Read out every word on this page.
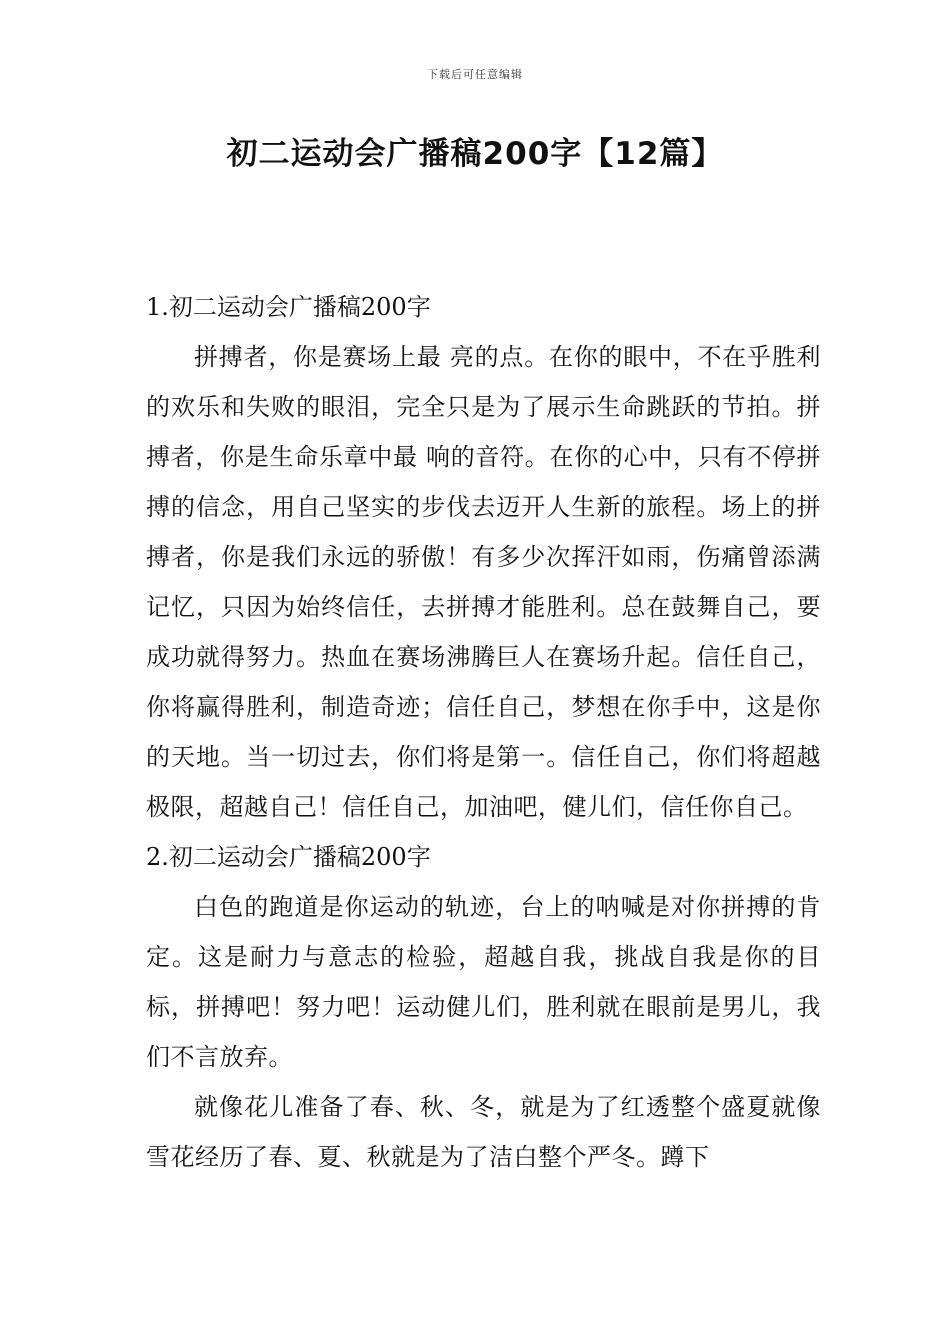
下载后可任意编辑
初二运动会广播稿200字【12篇】
1.初二运动会广播稿200字

拼搏者，你是赛场上最 亮的点。在你的眼中，不在乎胜利的欢乐和失败的眼泪，完全只是为了展示生命跳跃的节拍。拼搏者，你是生命乐章中最 响的音符。在你的心中，只有不停拼搏的信念，用自己坚实的步伐去迈开人生新的旅程。场上的拼搏者，你是我们永远的骄傲！有多少次挥汗如雨，伤痛曾添满记忆，只因为始终信任，去拼搏才能胜利。总在鼓舞自己，要成功就得努力。热血在赛场沸腾巨人在赛场升起。信任自己，你将赢得胜利，制造奇迹；信任自己，梦想在你手中，这是你的天地。当一切过去，你们将是第一。信任自己，你们将超越极限，超越自己！信任自己，加油吧，健儿们，信任你自己。

2.初二运动会广播稿200字

白色的跑道是你运动的轨迹，台上的呐喊是对你拼搏的肯定。这是耐力与意志的检验，超越自我，挑战自我是你的目标，拼搏吧！努力吧！运动健儿们，胜利就在眼前是男儿，我们不言放弃。

就像花儿准备了春、秋、冬，就是为了红透整个盛夏就像雪花经历了春、夏、秋就是为了洁白整个严冬。蹲下
